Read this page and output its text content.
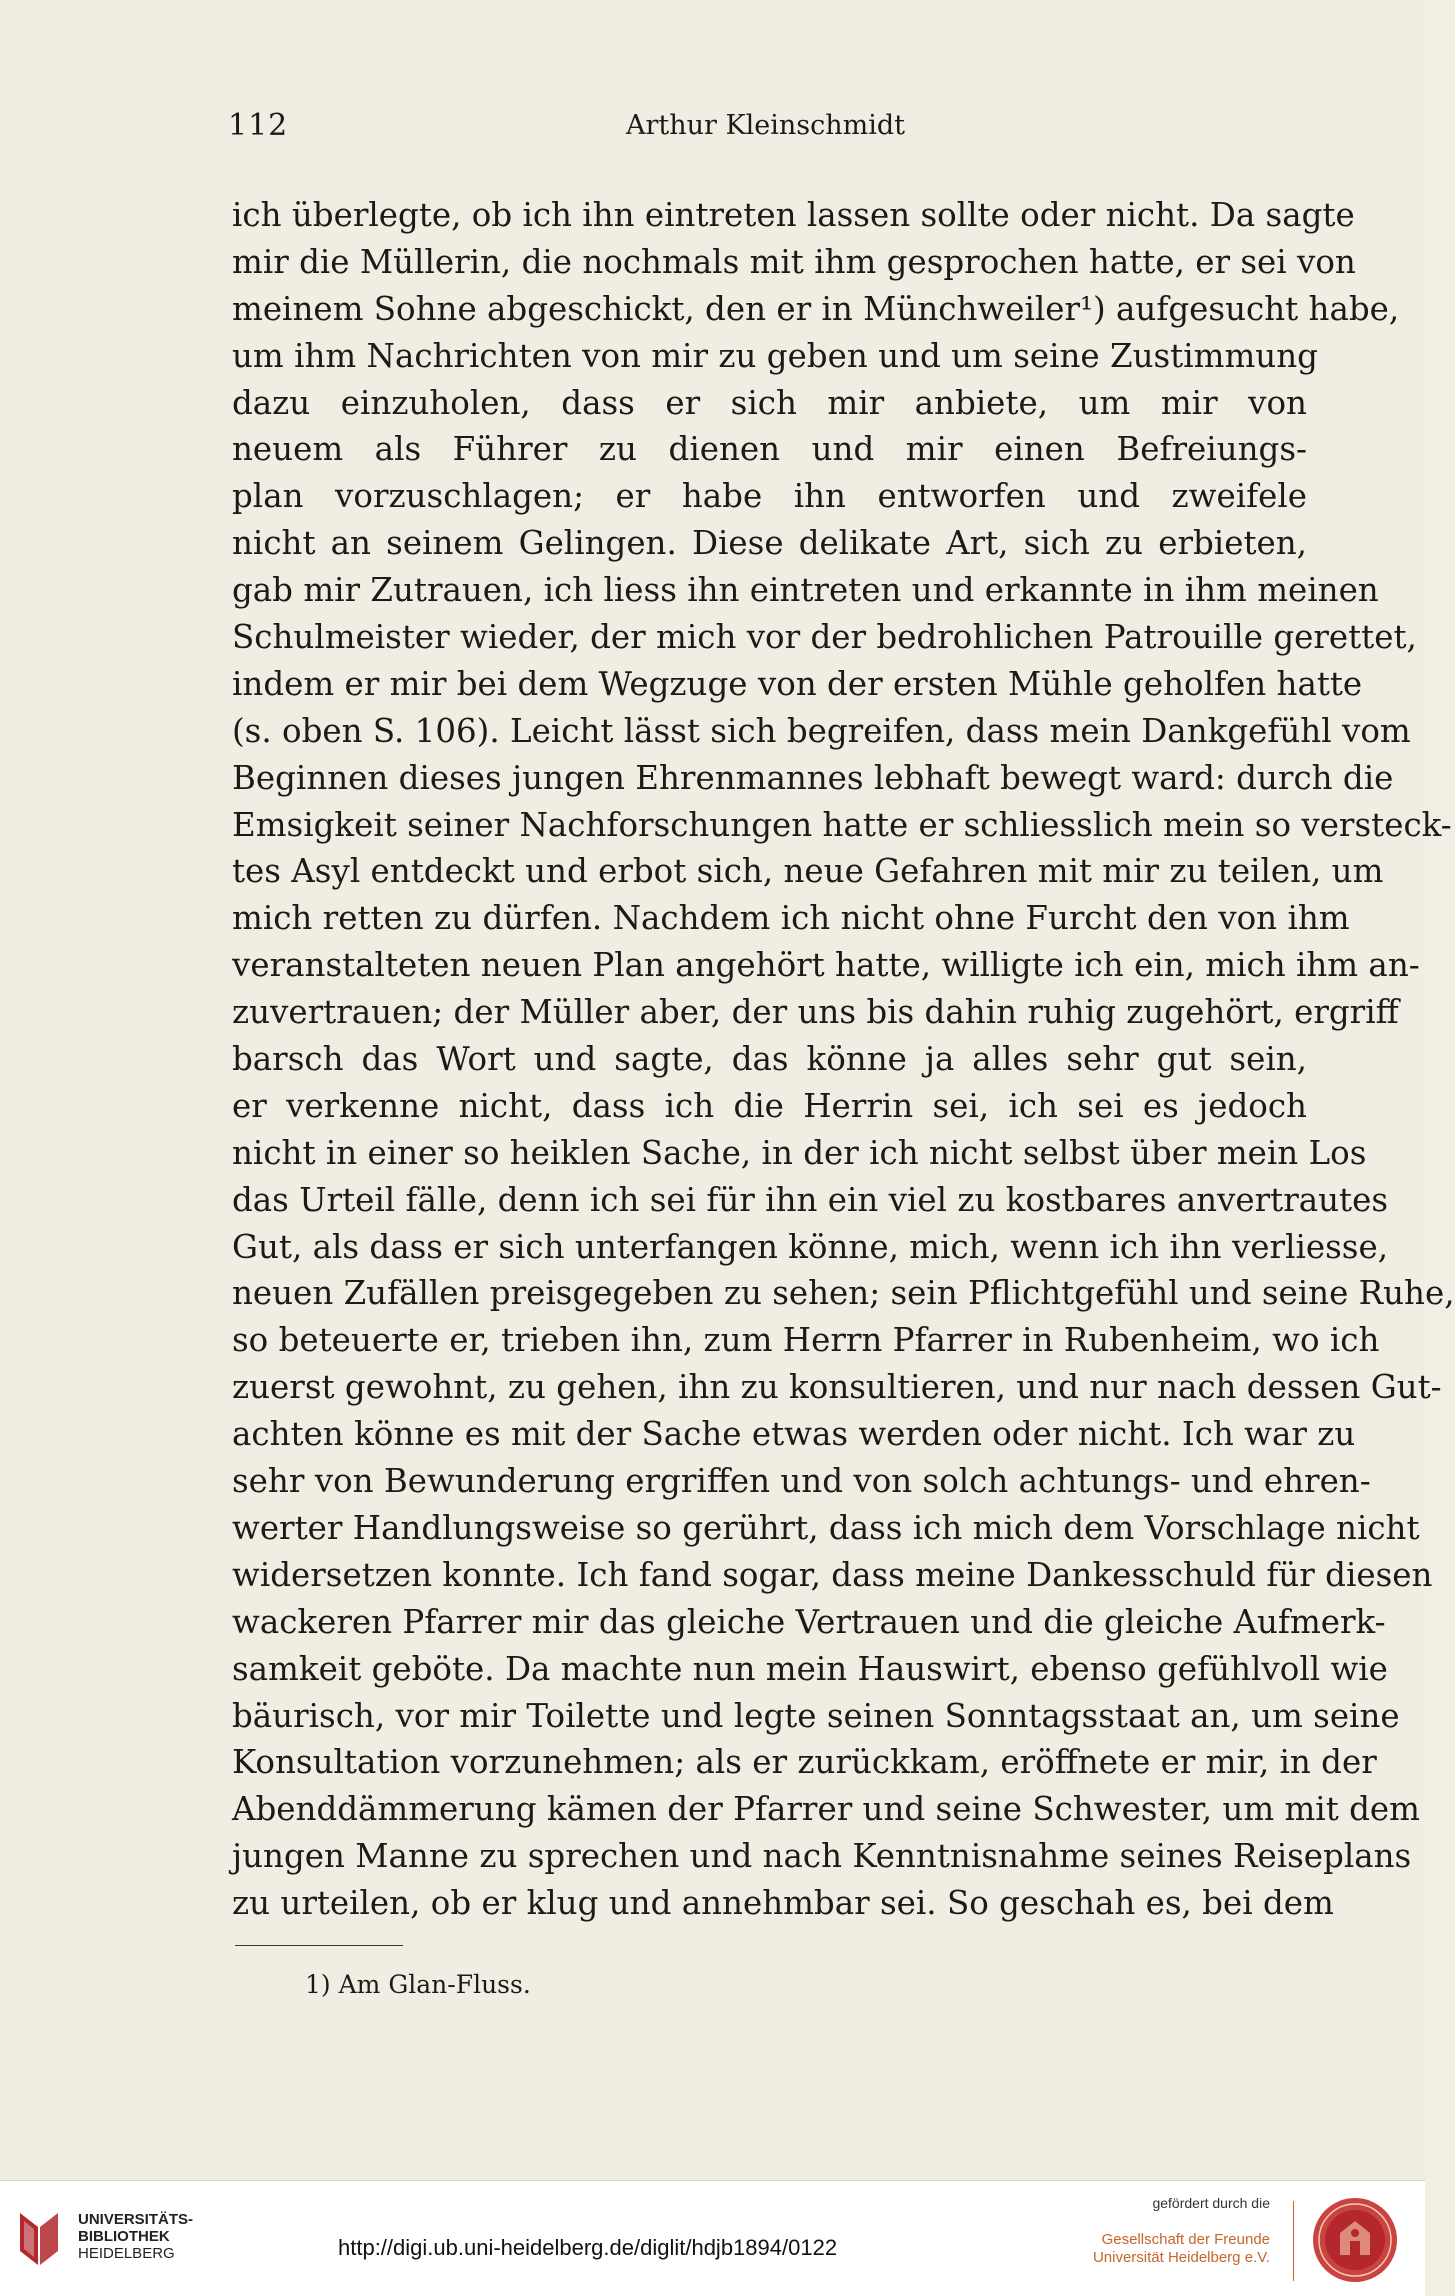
112	Arthur Kleinschmidt
ich überlegte, ob ich ihn eintreten lassen sollte oder nicht. Da sagte
mir die Müllerin, die nochmals mit ihm gesprochen hatte, er sei von
meinem Sohne abgeschickt, den er in Münchweiler¹) aufgesucht habe,
um ihm Nachrichten von mir zu geben und um seine Zustimmung
dazu einzuholen, dass er sich mir anbiete, um mir von
neuem als Führer zu dienen und mir einen Befreiungs-
plan vorzuschlagen; er habe ihn entworfen und zweifele
nicht an seinem Gelingen. Diese delikate Art, sich zu erbieten,
gab mir Zutrauen, ich liess ihn eintreten und erkannte in ihm meinen
Schulmeister wieder, der mich vor der bedrohlichen Patrouille gerettet,
indem er mir bei dem Wegzuge von der ersten Mühle geholfen hatte
(s. oben S. 106). Leicht lässt sich begreifen, dass mein Dankgefühl vom
Beginnen dieses jungen Ehrenmannes lebhaft bewegt ward: durch die
Emsigkeit seiner Nachforschungen hatte er schliesslich mein so versteck-
tes Asyl entdeckt und erbot sich, neue Gefahren mit mir zu teilen, um
mich retten zu dürfen. Nachdem ich nicht ohne Furcht den von ihm
veranstalteten neuen Plan angehört hatte, willigte ich ein, mich ihm an-
zuvertrauen; der Müller aber, der uns bis dahin ruhig zugehört, ergriff
barsch das Wort und sagte, das könne ja alles sehr gut sein,
er verkenne nicht, dass ich die Herrin sei, ich sei es jedoch
nicht in einer so heiklen Sache, in der ich nicht selbst über mein Los
das Urteil fälle, denn ich sei für ihn ein viel zu kostbares anvertrautes
Gut, als dass er sich unterfangen könne, mich, wenn ich ihn verliesse,
neuen Zufällen preisgegeben zu sehen; sein Pflichtgefühl und seine Ruhe,
so beteuerte er, trieben ihn, zum Herrn Pfarrer in Rubenheim, wo ich
zuerst gewohnt, zu gehen, ihn zu konsultieren, und nur nach dessen Gut-
achten könne es mit der Sache etwas werden oder nicht. Ich war zu
sehr von Bewunderung ergriffen und von solch achtungs- und ehren-
werter Handlungsweise so gerührt, dass ich mich dem Vorschlage nicht
widersetzen konnte. Ich fand sogar, dass meine Dankesschuld für diesen
wackeren Pfarrer mir das gleiche Vertrauen und die gleiche Aufmerk-
samkeit geböte. Da machte nun mein Hauswirt, ebenso gefühlvoll wie
bäurisch, vor mir Toilette und legte seinen Sonntagsstaat an, um seine
Konsultation vorzunehmen; als er zurückkam, eröffnete er mir, in der
Abenddämmerung kämen der Pfarrer und seine Schwester, um mit dem
jungen Manne zu sprechen und nach Kenntnisnahme seines Reiseplans
zu urteilen, ob er klug und annehmbar sei. So geschah es, bei dem
1) Am Glan-Fluss.
UNIVERSITÄTS-
BIBLIOTHEK
HEIDELBERG	http://digi.ub.uni-heidelberg.de/diglit/hdjb1894/0122
gefördert durch die
Gesellschaft der Freunde
Universität Heidelberg e.V.
